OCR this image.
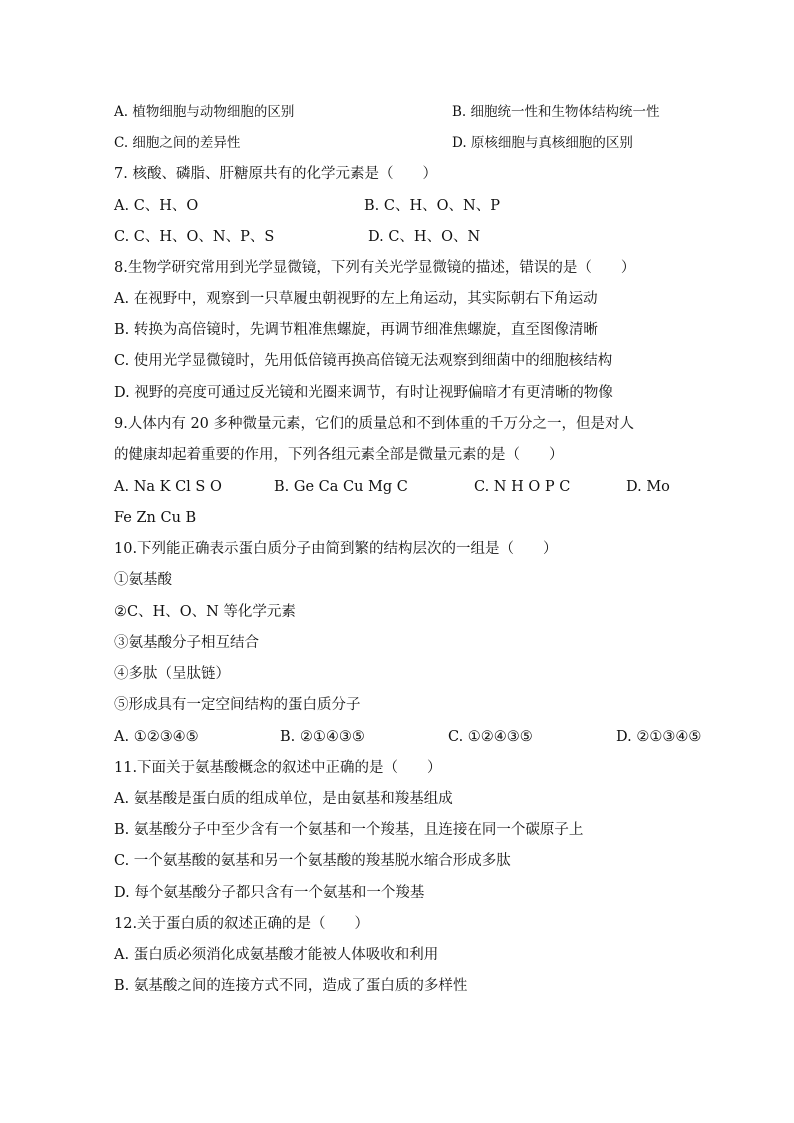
A. 植物细胞与动物细胞的区别	B. 细胞统一性和生物体结构统一性
C. 细胞之间的差异性	D. 原核细胞与真核细胞的区别
7. 核酸、磷脂、肝糖原共有的化学元素是（　　）
A. C、H、O	B. C、H、O、N、P
C. C、H、O、N、P、S	D. C、H、O、N
8.生物学研究常用到光学显微镜，下列有关光学显微镜的描述，错误的是（　　）
A. 在视野中，观察到一只草履虫朝视野的左上角运动，其实际朝右下角运动
B. 转换为高倍镜时，先调节粗准焦螺旋，再调节细准焦螺旋，直至图像清晰
C. 使用光学显微镜时，先用低倍镜再换高倍镜无法观察到细菌中的细胞核结构
D. 视野的亮度可通过反光镜和光圈来调节，有时让视野偏暗才有更清晰的物像
9.人体内有 20 多种微量元素，它们的质量总和不到体重的千万分之一，但是对人
的健康却起着重要的作用，下列各组元素全部是微量元素的是（　　）
A. Na K Cl S O	B. Ge Ca Cu Mg C	C. N H O P C	D. Mo
Fe Zn Cu B
10.下列能正确表示蛋白质分子由简到繁的结构层次的一组是（　　）
①氨基酸
②C、H、O、N 等化学元素
③氨基酸分子相互结合
④多肽（呈肽链）
⑤形成具有一定空间结构的蛋白质分子
A. ①②③④⑤	B. ②①④③⑤	C. ①②④③⑤	D. ②①③④⑤
11.下面关于氨基酸概念的叙述中正确的是（　　）
A. 氨基酸是蛋白质的组成单位，是由氨基和羧基组成
B. 氨基酸分子中至少含有一个氨基和一个羧基，且连接在同一个碳原子上
C. 一个氨基酸的氨基和另一个氨基酸的羧基脱水缩合形成多肽
D. 每个氨基酸分子都只含有一个氨基和一个羧基
12.关于蛋白质的叙述正确的是（　　）
A. 蛋白质必须消化成氨基酸才能被人体吸收和利用
B. 氨基酸之间的连接方式不同，造成了蛋白质的多样性
